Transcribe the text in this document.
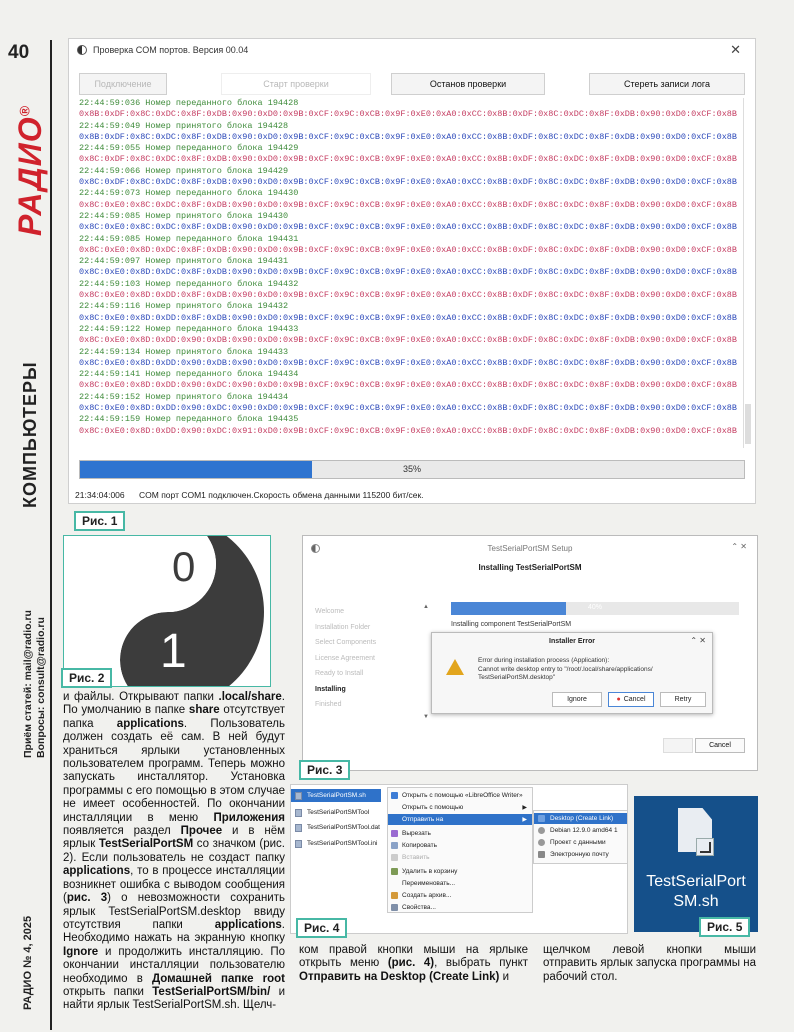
40
РАДИО®
КОМПЬЮТЕРЫ
Приём статей: mail@radio.ru Вопросы: consult@radio.ru
РАДИО № 4, 2025
Проверка COM портов. Версия 00.04	✕
Подключение	Старт проверки	Останов проверки	Стереть записи лога
22:44:59:036 Номер переданного блока 194428
0x8B:0xDF:0x8C:0xDC:0x8F:0xDB:0x90:0xD0:0x9B:0xCF:0x9C:0xCB:0x9F:0xE0:0xA0:0xCC:0x8B:0xDF:0x8C:0xDC:0x8F:0xDB:0x90:0xD0:0xCF:0x8B
22:44:59:049 Номер принятого блока 194428
0x8B:0xDF:0x8C:0xDC:0x8F:0xDB:0x90:0xD0:0x9B:0xCF:0x9C:0xCB:0x9F:0xE0:0xA0:0xCC:0x8B:0xDF:0x8C:0xDC:0x8F:0xDB:0x90:0xD0:0xCF:0x8B
22:44:59:055 Номер переданного блока 194429
0x8C:0xDF:0x8C:0xDC:0x8F:0xDB:0x90:0xD0:0x9B:0xCF:0x9C:0xCB:0x9F:0xE0:0xA0:0xCC:0x8B:0xDF:0x8C:0xDC:0x8F:0xDB:0x90:0xD0:0xCF:0x8B
22:44:59:066 Номер принятого блока 194429
0x8C:0xDF:0x8C:0xDC:0x8F:0xDB:0x90:0xD0:0x9B:0xCF:0x9C:0xCB:0x9F:0xE0:0xA0:0xCC:0x8B:0xDF:0x8C:0xDC:0x8F:0xDB:0x90:0xD0:0xCF:0x8B
22:44:59:073 Номер переданного блока 194430
0x8C:0xE0:0x8C:0xDC:0x8F:0xDB:0x90:0xD0:0x9B:0xCF:0x9C:0xCB:0x9F:0xE0:0xA0:0xCC:0x8B:0xDF:0x8C:0xDC:0x8F:0xDB:0x90:0xD0:0xCF:0x8B
22:44:59:085 Номер принятого блока 194430
0x8C:0xE0:0x8C:0xDC:0x8F:0xDB:0x90:0xD0:0x9B:0xCF:0x9C:0xCB:0x9F:0xE0:0xA0:0xCC:0x8B:0xDF:0x8C:0xDC:0x8F:0xDB:0x90:0xD0:0xCF:0x8B
22:44:59:085 Номер переданного блока 194431
0x8C:0xE0:0x8D:0xDC:0x8F:0xDB:0x90:0xD0:0x9B:0xCF:0x9C:0xCB:0x9F:0xE0:0xA0:0xCC:0x8B:0xDF:0x8C:0xDC:0x8F:0xDB:0x90:0xD0:0xCF:0x8B
22:44:59:097 Номер принятого блока 194431
0x8C:0xE0:0x8D:0xDC:0x8F:0xDB:0x90:0xD0:0x9B:0xCF:0x9C:0xCB:0x9F:0xE0:0xA0:0xCC:0x8B:0xDF:0x8C:0xDC:0x8F:0xDB:0x90:0xD0:0xCF:0x8B
22:44:59:103 Номер переданного блока 194432
0x8C:0xE0:0x8D:0xDD:0x8F:0xDB:0x90:0xD0:0x9B:0xCF:0x9C:0xCB:0x9F:0xE0:0xA0:0xCC:0x8B:0xDF:0x8C:0xDC:0x8F:0xDB:0x90:0xD0:0xCF:0x8B
22:44:59:116 Номер принятого блока 194432
0x8C:0xE0:0x8D:0xDD:0x8F:0xDB:0x90:0xD0:0x9B:0xCF:0x9C:0xCB:0x9F:0xE0:0xA0:0xCC:0x8B:0xDF:0x8C:0xDC:0x8F:0xDB:0x90:0xD0:0xCF:0x8B
22:44:59:122 Номер переданного блока 194433
0x8C:0xE0:0x8D:0xDD:0x90:0xDB:0x90:0xD0:0x9B:0xCF:0x9C:0xCB:0x9F:0xE0:0xA0:0xCC:0x8B:0xDF:0x8C:0xDC:0x8F:0xDB:0x90:0xD0:0xCF:0x8B
22:44:59:134 Номер принятого блока 194433
0x8C:0xE0:0x8D:0xDD:0x90:0xDB:0x90:0xD0:0x9B:0xCF:0x9C:0xCB:0x9F:0xE0:0xA0:0xCC:0x8B:0xDF:0x8C:0xDC:0x8F:0xDB:0x90:0xD0:0xCF:0x8B
22:44:59:141 Номер переданного блока 194434
0x8C:0xE0:0x8D:0xDD:0x90:0xDC:0x90:0xD0:0x9B:0xCF:0x9C:0xCB:0x9F:0xE0:0xA0:0xCC:0x8B:0xDF:0x8C:0xDC:0x8F:0xDB:0x90:0xD0:0xCF:0x8B
22:44:59:152 Номер принятого блока 194434
0x8C:0xE0:0x8D:0xDD:0x90:0xDC:0x90:0xD0:0x9B:0xCF:0x9C:0xCB:0x9F:0xE0:0xA0:0xCC:0x8B:0xDF:0x8C:0xDC:0x8F:0xDB:0x90:0xD0:0xCF:0x8B
22:44:59:159 Номер переданного блока 194435
0x8C:0xE0:0x8D:0xDD:0x90:0xDC:0x91:0xD0:0x9B:0xCF:0x9C:0xCB:0x9F:0xE0:0xA0:0xCC:0x8B:0xDF:0x8C:0xDC:0x8F:0xDB:0x90:0xD0:0xCF:0x8B
35%
21:34:04:006 COM порт COM1 подключен.Скорость обмена данными 115200 бит/сек.
Рис. 1
0
1
Рис. 2
TestSerialPortSM Setup	⌃ ✕
Installing TestSerialPortSM
Welcome
Installation Folder
Select Components
License Agreement
Ready to Install
Installing
Finished
▲
▼
40%
Installing component TestSerialPortSM
Installer Error	⌃ ✕
Error during installation process (Application):
Cannot write desktop entry to "/root/.local/share/applications/
TestSerialPortSM.desktop"
Ignore	● Cancel	Retry
Cancel
Рис. 3
TestSerialPortSM.sh
TestSerialPortSMTool
TestSerialPortSMTool.dat
TestSerialPortSMTool.ini
Открыть с помощью «LibreOffice Writer»
Открыть с помощью	▶
Отправить на	▶
Вырезать
Копировать
Вставить
Удалить в корзину
Переименовать...
Создать архив...
Свойства...
Desktop (Create Link)
Debian 12.9.0 amd64 1
Проект с данными
Электронную почту
Рис. 4
TestSerialPort
SM.sh
Рис. 5

и файлы. Открывают папки .local/share. По умолчанию в папке share отсутствует папка applications. Пользователь должен создать её сам. В ней будут храниться ярлыки установленных пользователем программ. Теперь можно запускать инсталлятор. Установка программы с его помощью в этом случае не имеет особенностей. По окончании инсталляции в меню Приложения появляется раздел Прочее и в нём ярлык TestSerialPortSM со значком (рис. 2). Если пользователь не создаст папку applications, то в процессе инсталляции возникнет ошибка с выводом сообщения (рис. 3) о невозможности сохранить ярлык TestSerialPortSM.desktop ввиду отсутствия папки applications. Необходимо нажать на экранную кнопку Ignore и продолжить инсталляцию. По окончании инсталляции пользователю необходимо в Домашней папке root открыть папки TestSerialPortSM/bin/ и найти ярлык TestSerialPortSM.sh. Щелч-

ком правой кнопки мыши на ярлыке открыть меню (рис. 4), выбрать пункт Отправить на Desktop (Create Link) и

щелчком левой кнопки мыши отправить ярлык запуска программы на рабочий стол.
